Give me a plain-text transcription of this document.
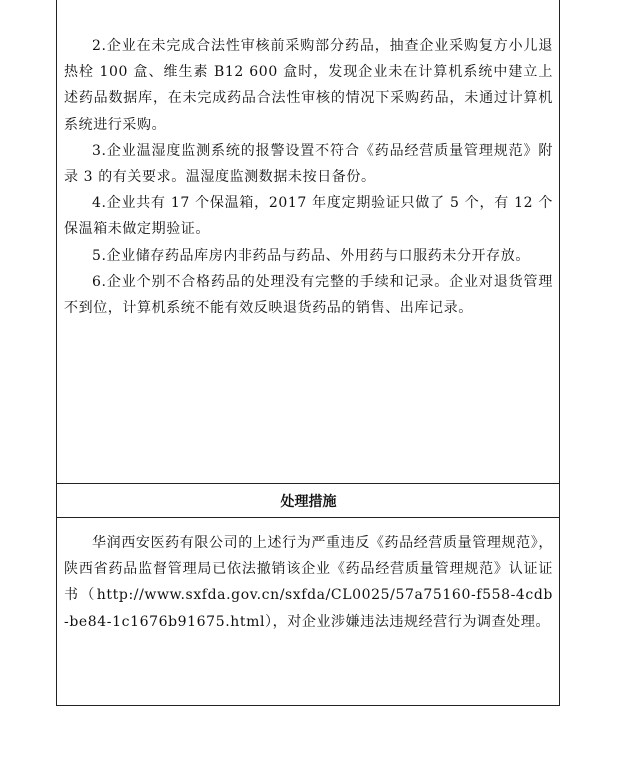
2.企业在未完成合法性审核前采购部分药品，抽查企业采购复方小儿退热栓 100 盒、维生素 B12 600 盒时，发现企业未在计算机系统中建立上述药品数据库，在未完成药品合法性审核的情况下采购药品，未通过计算机系统进行采购。

3.企业温湿度监测系统的报警设置不符合《药品经营质量管理规范》附录 3 的有关要求。温湿度监测数据未按日备份。

4.企业共有 17 个保温箱，2017 年度定期验证只做了 5 个，有 12 个保温箱未做定期验证。

5.企业储存药品库房内非药品与药品、外用药与口服药未分开存放。

6.企业个别不合格药品的处理没有完整的手续和记录。企业对退货管理不到位，计算机系统不能有效反映退货药品的销售、出库记录。

处理措施

华润西安医药有限公司的上述行为严重违反《药品经营质量管理规范》，陕西省药品监督管理局已依法撤销该企业《药品经营质量管理规范》认证证书（http://www.sxfda.gov.cn/sxfda/CL0025/57a75160-f558-4cdb-be84-1c1676b91675.html），对企业涉嫌违法违规经营行为调查处理。
